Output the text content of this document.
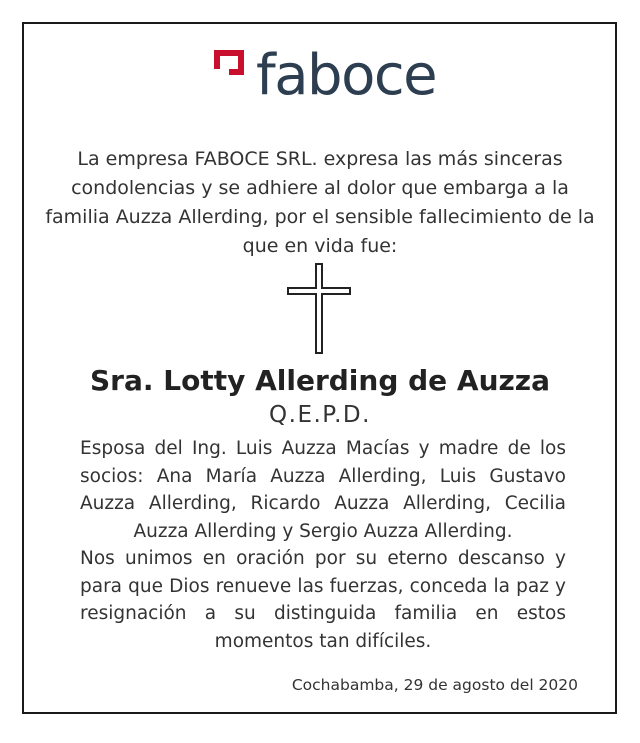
faboce
La empresa FABOCE SRL. expresa las más sinceras condolencias y se adhiere al dolor que embarga a la familia Auzza Allerding, por el sensible fallecimiento de la que en vida fue:
Sra. Lotty Allerding de Auzza
Q.E.P.D.

Esposa del Ing. Luis Auzza Macías y madre de los socios: Ana María Auzza Allerding, Luis Gustavo Auzza Allerding, Ricardo Auzza Allerding, Cecilia Auzza Allerding y Sergio Auzza Allerding.

Nos unimos en oración por su eterno descanso y para que Dios renueve las fuerzas, conceda la paz y resignación a su distinguida familia en estos momentos tan difíciles.

Cochabamba, 29 de agosto del 2020
